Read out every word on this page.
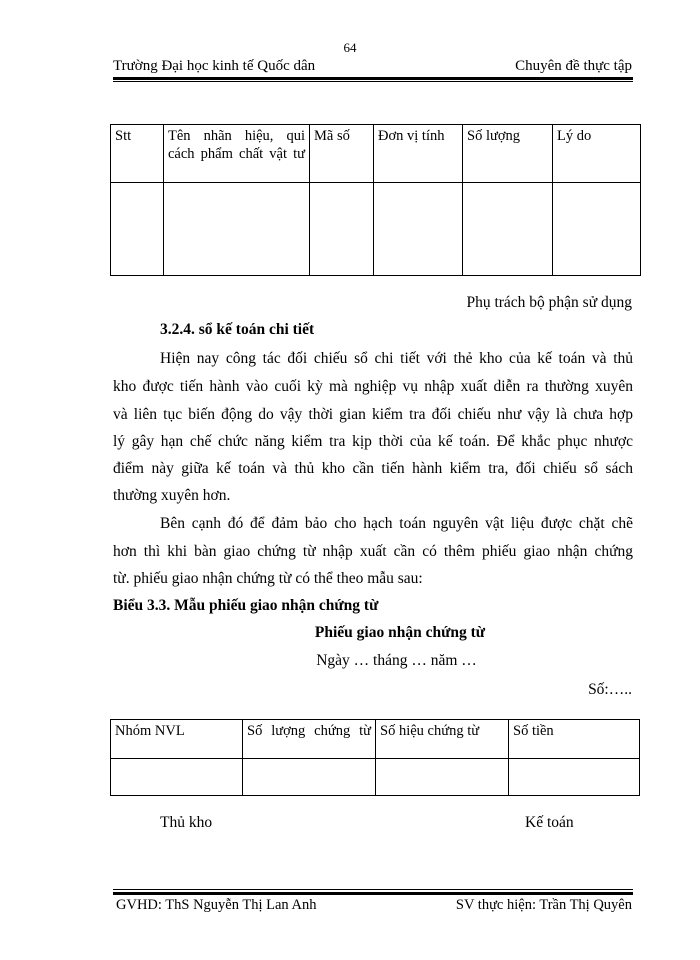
64
Trường Đại học kinh tế Quốc dân	Chuyên đề thực tập
Stt	Tên nhãn hiệu, qui cách phẩm chất vật tư	Mã số	Đơn vị tính	Số lượng	Lý do

Phụ trách bộ phận sử dụng
3.2.4. sổ kế toán chi tiết
Hiện nay công tác đối chiếu sổ chi tiết với thẻ kho của kế toán và thủ
kho được tiến hành vào cuối kỳ mà nghiệp vụ nhập xuất diễn ra thường xuyên
và liên tục biến động do vậy thời gian kiểm tra đối chiếu như vậy là chưa hợp
lý gây hạn chế chức năng kiểm tra kịp thời của kế toán. Để khắc phục nhược
điểm này giữa kế toán và thủ kho cần tiến hành kiểm tra, đối chiếu sổ sách
thường xuyên hơn.
Bên cạnh đó để đảm bảo cho hạch toán nguyên vật liệu được chặt chẽ
hơn thì khi bàn giao chứng từ nhập xuất cần có thêm phiếu giao nhận chứng
từ. phiếu giao nhận chứng từ có thể theo mẫu sau:
Biểu 3.3. Mẫu phiếu giao nhận chứng từ
Phiếu giao nhận chứng từ
Ngày … tháng … năm …
Số:…..
Nhóm NVL	Số lượng chứng từ	Số hiệu chứng từ	Số tiền

Thủ kho	Kế toán
GVHD: ThS Nguyễn Thị Lan Anh	SV thực hiện: Trần Thị Quyên
